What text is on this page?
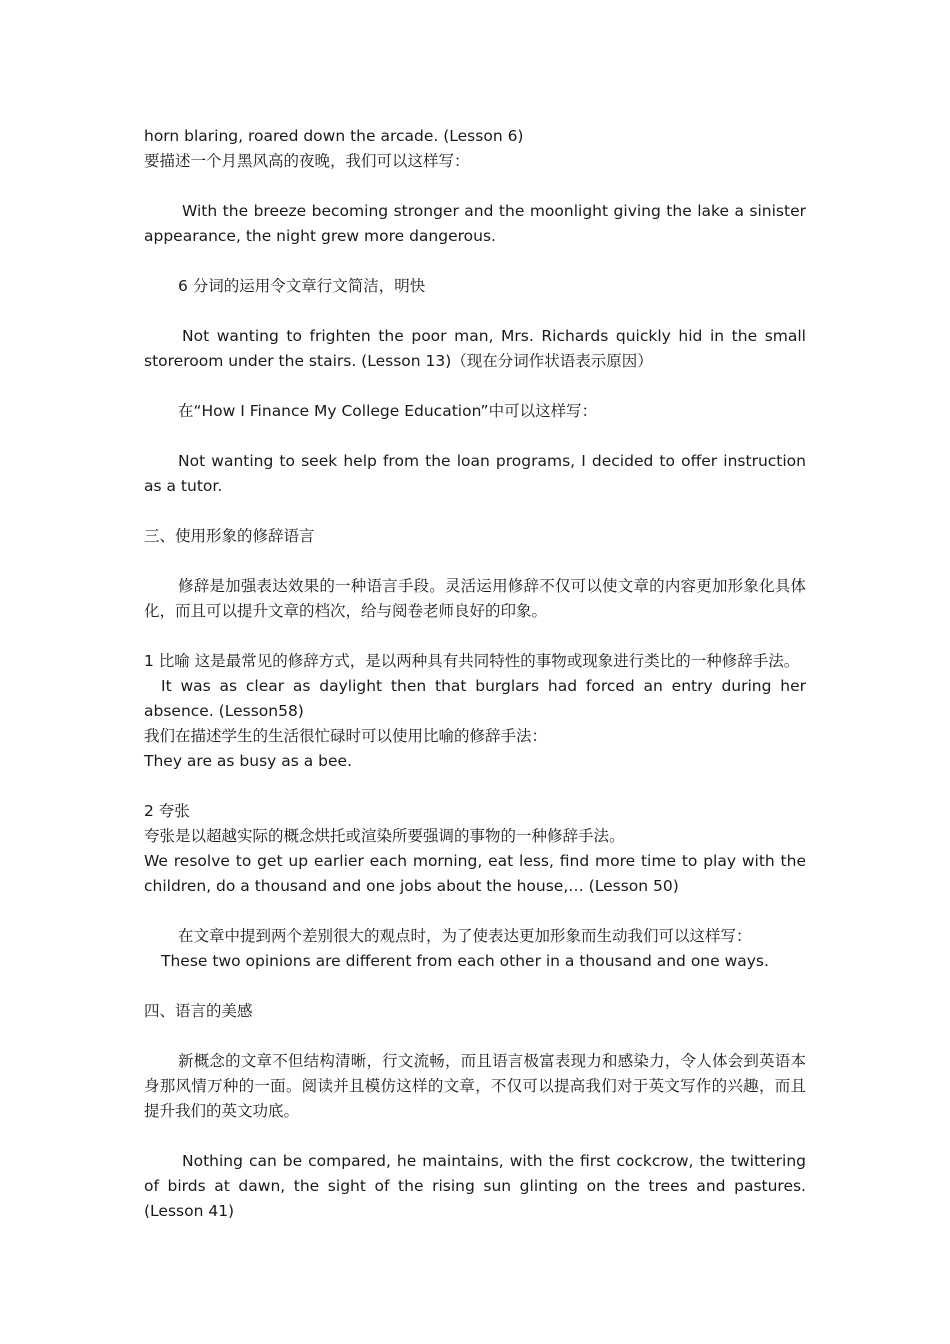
horn blaring, roared down the arcade. (Lesson 6)

要描述一个月黑风高的夜晚，我们可以这样写：

With the breeze becoming stronger and the moonlight giving the lake a sinister appearance, the night grew more dangerous.

6 分词的运用令文章行文简洁，明快

Not wanting to frighten the poor man, Mrs. Richards quickly hid in the small storeroom under the stairs. (Lesson 13)（现在分词作状语表示原因）

在“How I Finance My College Education”中可以这样写：

Not wanting to seek help from the loan programs, I decided to offer instruction as a tutor.

三、使用形象的修辞语言

修辞是加强表达效果的一种语言手段。灵活运用修辞不仅可以使文章的内容更加形象化具体化，而且可以提升文章的档次，给与阅卷老师良好的印象。

1 比喻 这是最常见的修辞方式，是以两种具有共同特性的事物或现象进行类比的一种修辞手法。

It was as clear as daylight then that burglars had forced an entry during her absence. (Lesson58)

我们在描述学生的生活很忙碌时可以使用比喻的修辞手法：

They are as busy as a bee.

2 夸张

夸张是以超越实际的概念烘托或渲染所要强调的事物的一种修辞手法。

We resolve to get up earlier each morning, eat less, find more time to play with the children, do a thousand and one jobs about the house,… (Lesson 50)

在文章中提到两个差别很大的观点时，为了使表达更加形象而生动我们可以这样写：

These two opinions are different from each other in a thousand and one ways.

四、语言的美感

新概念的文章不但结构清晰，行文流畅，而且语言极富表现力和感染力，令人体会到英语本身那风情万种的一面。阅读并且模仿这样的文章，不仅可以提高我们对于英文写作的兴趣，而且提升我们的英文功底。

Nothing can be compared, he maintains, with the first cockcrow, the twittering of birds at dawn, the sight of the rising sun glinting on the trees and pastures. (Lesson 41)
